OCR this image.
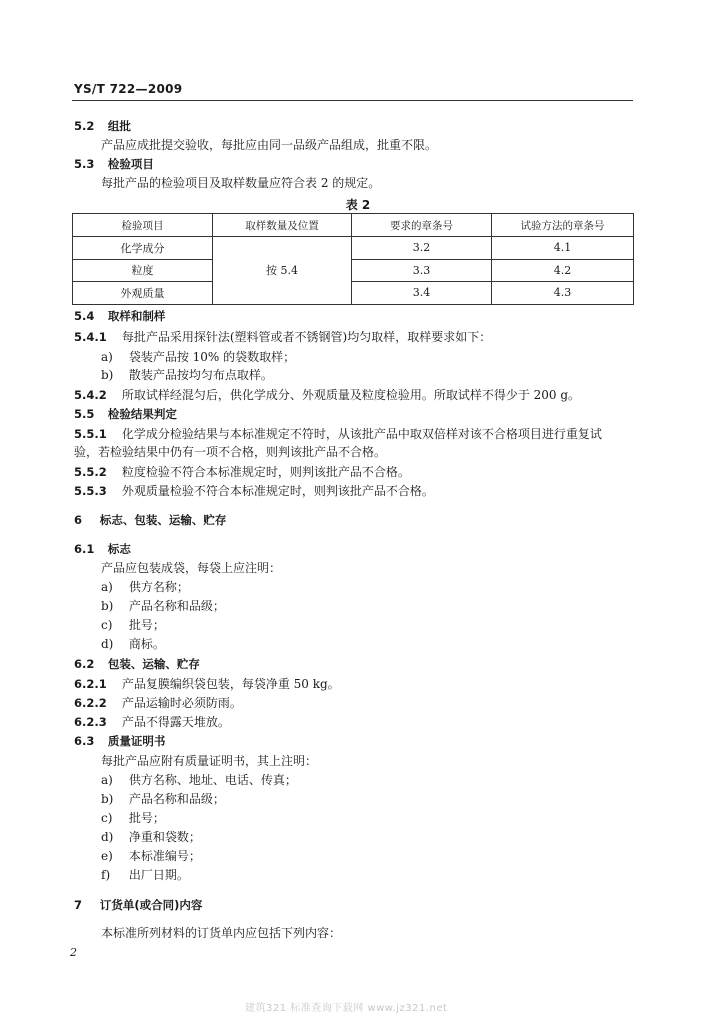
YS/T 722—2009
5.2 组批
产品应成批提交验收，每批应由同一品级产品组成，批重不限。
5.3 检验项目
每批产品的检验项目及取样数量应符合表 2 的规定。
表 2
检验项目	取样数量及位置	要求的章条号	试验方法的章条号
化学成分	按 5.4	3.2	4.1
粒度		3.3	4.2
外观质量		3.4	4.3
5.4 取样和制样
5.4.1 每批产品采用探针法(塑料管或者不锈钢管)均匀取样，取样要求如下：
a) 袋装产品按 10% 的袋数取样；
b) 散装产品按均匀布点取样。
5.4.2 所取试样经混匀后，供化学成分、外观质量及粒度检验用。所取试样不得少于 200 g。
5.5 检验结果判定
5.5.1 化学成分检验结果与本标准规定不符时，从该批产品中取双倍样对该不合格项目进行重复试
验，若检验结果中仍有一项不合格，则判该批产品不合格。
5.5.2 粒度检验不符合本标准规定时，则判该批产品不合格。
5.5.3 外观质量检验不符合本标准规定时，则判该批产品不合格。
6 标志、包装、运输、贮存
6.1 标志
产品应包装成袋，每袋上应注明：
a) 供方名称；
b) 产品名称和品级；
c) 批号；
d) 商标。
6.2 包装、运输、贮存
6.2.1 产品复膜编织袋包装，每袋净重 50 kg。
6.2.2 产品运输时必须防雨。
6.2.3 产品不得露天堆放。
6.3 质量证明书
每批产品应附有质量证明书，其上注明：
a) 供方名称、地址、电话、传真；
b) 产品名称和品级；
c) 批号；
d) 净重和袋数；
e) 本标准编号；
f) 出厂日期。
7 订货单(或合同)内容
本标准所列材料的订货单内应包括下列内容：
2
建筑321 标准查询下载网 www.jz321.net
